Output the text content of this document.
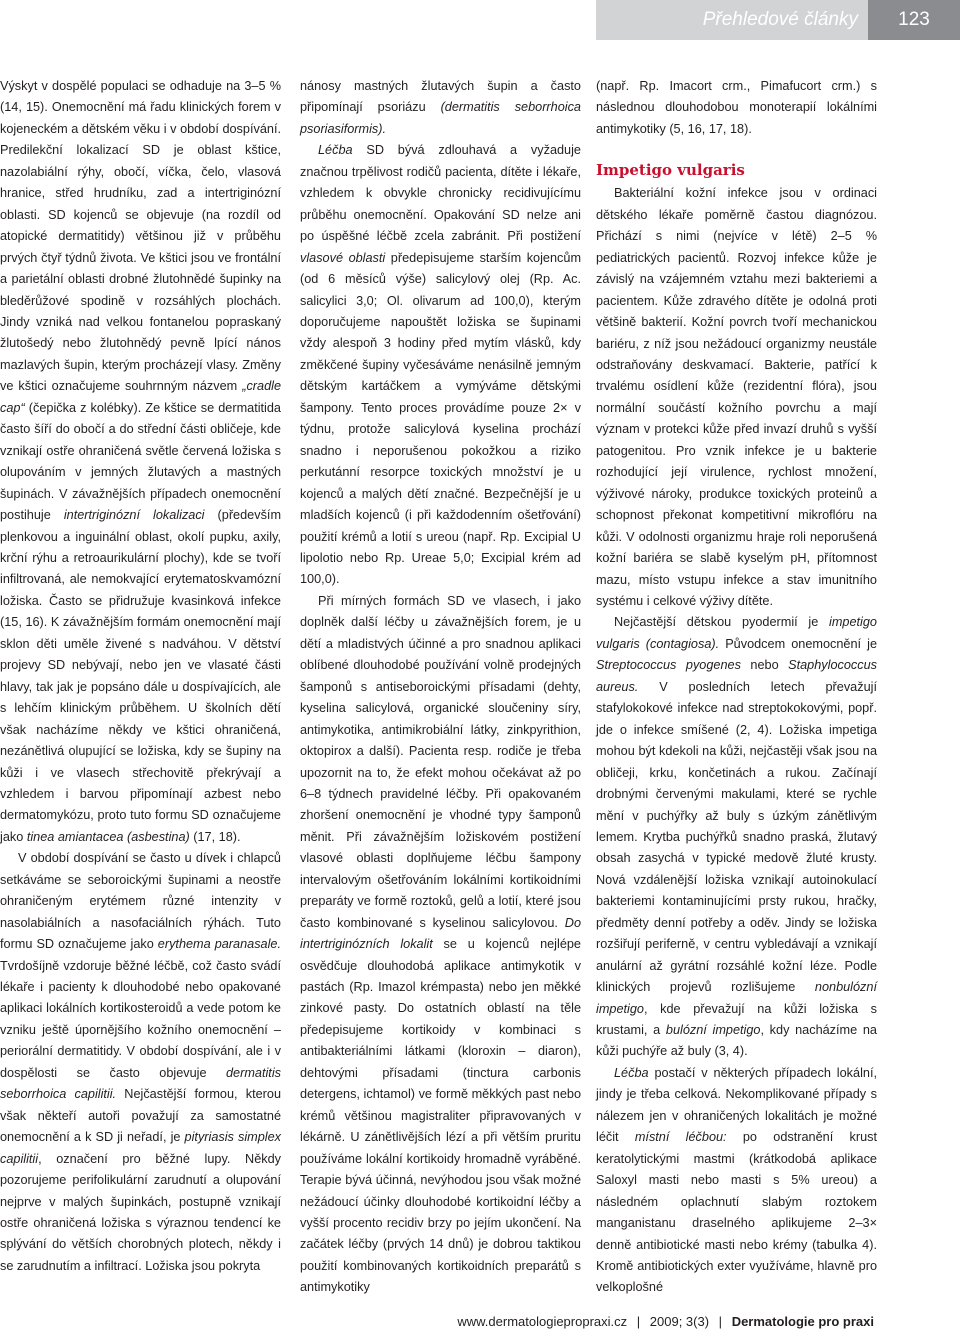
Přehledové články	123

Výskyt v dospělé populaci se odhaduje na 3–5 % (14, 15). Onemocnění má řadu klinických forem v kojeneckém a dětském věku i v období dospívání. Predilekční lokalizací SD je oblast kštice, nazolabiální rýhy, obočí, víčka, čelo, vlasová hranice, střed hrudníku, zad a intertriginózní oblasti. SD kojenců se objevuje (na rozdíl od atopické dermatitidy) většinou již v průběhu prvých čtyř týdnů života. Ve kštici jsou ve frontální a parietální oblasti drobné žlutohnědé šupinky na bleděrůžové spodině v rozsáhlých plochách. Jindy vzniká nad velkou fontanelou popraskaný žlutošedý nebo žlutohnědý pevně lpící nános mazlavých šupin, kterým procházejí vlasy. Změny ve kštici označujeme souhrnným názvem „cradle cap“ (čepička z kolébky). Ze kštice se dermatitida často šíří do obočí a do střední části obličeje, kde vznikají ostře ohraničená světle červená ložiska s olupováním v jemných žlutavých a mastných šupinách. V závažnějších případech onemocnění postihuje intertriginózní lokalizaci (především plenkovou a inguinální oblast, okolí pupku, axily, krční rýhu a retroaurikulární plochy), kde se tvoří infiltrovaná, ale nemokvající erytematoskvamózní ložiska. Často se přidružuje kvasinková infekce (15, 16). K závažnějším formám onemocnění mají sklon děti uměle živené s nadváhou. V dětství projevy SD nebývají, nebo jen ve vlasaté části hlavy, tak jak je popsáno dále u dospívajících, ale s lehčím klinickým průběhem. U školních dětí však nacházíme někdy ve kštici ohraničená, nezánětlivá olupující se ložiska, kdy se šupiny na kůži i ve vlasech střechovitě překrývají a vzhledem i barvou připomínají azbest nebo dermatomykózu, proto tuto formu SD označujeme jako tinea amiantacea (asbestina) (17, 18).

V období dospívání se často u dívek i chlapců setkáváme se seboroickými šupinami a neostře ohraničeným erytémem různé intenzity v nasolabiálních a nasofaciálních rýhách. Tuto formu SD označujeme jako erythema paranasale. Tvrdošíjně vzdoruje běžné léčbě, což často svádí lékaře i pacienty k dlouhodobé nebo opakované aplikaci lokálních kortikosteroidů a vede potom ke vzniku ještě úpornějšího kožního onemocnění – periorální dermatitidy. V období dospívání, ale i v dospělosti se často objevuje dermatitis seborrhoica capilitii. Nejčastější formou, kterou však někteří autoři považují za samostatné onemocnění a k SD ji neřadí, je pityriasis simplex capilitii, označení pro běžné lupy. Někdy pozorujeme perifolikulární zarudnutí a olupování nejprve v malých šupinkách, postupně vznikají ostře ohraničená ložiska s výraznou tendencí ke splývání do větších chorobných plotech, někdy i se zarudnutím a infiltrací. Ložiska jsou pokryta

nánosy mastných žlutavých šupin a často připomínají psoriázu (dermatitis seborrhoica psoriasiformis).

Léčba SD bývá zdlouhavá a vyžaduje značnou trpělivost rodičů pacienta, dítěte i lékaře, vzhledem k obvykle chronicky recidivujícímu průběhu onemocnění. Opakování SD nelze ani po úspěšné léčbě zcela zabránit. Při postižení vlasové oblasti předepisujeme starším kojencům (od 6 měsíců výše) salicylový olej (Rp. Ac. salicylici 3,0; Ol. olivarum ad 100,0), kterým doporučujeme napouštět ložiska se šupinami vždy alespoň 3 hodiny před mytím vlásků, kdy změkčené šupiny vyčesáváme nenásilně jemným dětským kartáčkem a vymýváme dětskými šampony. Tento proces provádíme pouze 2× v týdnu, protože salicylová kyselina prochází snadno i neporušenou pokožkou a riziko perkutánní resorpce toxických množství je u kojenců a malých dětí značné. Bezpečnější je u mladších kojenců (i při každodenním ošetřování) použití krémů a lotií s ureou (např. Rp. Excipial U lipolotio nebo Rp. Ureae 5,0; Excipial krém ad 100,0).

Při mírných formách SD ve vlasech, i jako doplněk další léčby u závažnějších forem, je u dětí a mladistvých účinné a pro snadnou aplikaci oblíbené dlouhodobé používání volně prodejných šamponů s antiseboroickými přísadami (dehty, kyselina salicylová, organické sloučeniny síry, antimykotika, antimikrobiální látky, zinkpyrithion, oktopirox a další). Pacienta resp. rodiče je třeba upozornit na to, že efekt mohou očekávat až po 6–8 týdnech pravidelné léčby. Při opakovaném zhoršení onemocnění je vhodné typy šamponů měnit. Při závažnějším ložiskovém postižení vlasové oblasti doplňujeme léčbu šampony intervalovým ošetřováním lokálními kortikoidními preparáty ve formě roztoků, gelů a lotií, které jsou často kombinované s kyselinou salicylovou. Do intertriginózních lokalit se u kojenců nejlépe osvědčuje dlouhodobá aplikace antimykotik v pastách (Rp. Imazol krémpasta) nebo jen měkké zinkové pasty. Do ostatních oblastí na těle předepisujeme kortikoidy v kombinaci s antibakteriálními látkami (kloroxin – diaron), dehtovými přísadami (tinctura carbonis detergens, ichtamol) ve formě měkkých past nebo krémů většinou magistraliter připravovaných v lékárně. U zánětlivějších lézí a při větším pruritu používáme lokální kortikoidy hromadně vyráběné. Terapie bývá účinná, nevýhodou jsou však možné nežádoucí účinky dlouhodobé kortikoidní léčby a vyšší procento recidiv brzy po jejím ukončení. Na začátek léčby (prvých 14 dnů) je dobrou taktikou použití kombinovaných kortikoidních preparátů s antimykotiky

(např. Rp. Imacort crm., Pimafucort crm.) s následnou dlouhodobou monoterapií lokálními antimykotiky (5, 16, 17, 18).

Impetigo vulgaris

Bakteriální kožní infekce jsou v ordinaci dětského lékaře poměrně častou diagnózou. Přichází s nimi (nejvíce v létě) 2–5 % pediatrických pacientů. Rozvoj infekce kůže je závislý na vzájemném vztahu mezi bakteriemi a pacientem. Kůže zdravého dítěte je odolná proti většině bakterií. Kožní povrch tvoří mechanickou bariéru, z níž jsou nežádoucí organizmy neustále odstraňovány deskvamací. Bakterie, patřící k trvalému osídlení kůže (rezidentní flóra), jsou normální součástí kožního povrchu a mají význam v protekci kůže před invazí druhů s vyšší patogenitou. Pro vznik infekce je u bakterie rozhodující její virulence, rychlost množení, výživové nároky, produkce toxických proteinů a schopnost překonat kompetitivní mikroflóru na kůži. V odolnosti organizmu hraje roli neporušená kožní bariéra se slabě kyselým pH, přítomnost mazu, místo vstupu infekce a stav imunitního systému i celkové výživy dítěte.

Nejčastější dětskou pyodermií je impetigo vulgaris (contagiosa). Původcem onemocnění je Streptococcus pyogenes nebo Staphylococcus aureus. V posledních letech převažují stafylokokové infekce nad streptokokovými, popř. jde o infekce smíšené (2, 4). Ložiska impetiga mohou být kdekoli na kůži, nejčastěji však jsou na obličeji, krku, končetinách a rukou. Začínají drobnými červenými makulami, které se rychle mění v puchýřky až buly s úzkým zánětlivým lemem. Krytba puchýřků snadno praská, žlutavý obsah zasychá v typické medově žluté krusty. Nová vzdálenější ložiska vznikají autoinokulací bakteriemi kontaminujícími prsty rukou, hračky, předměty denní potřeby a oděv. Jindy se ložiska rozšiřují periferně, v centru vybledávají a vznikají anulární až gyrátní rozsáhlé kožní léze. Podle klinických projevů rozlišujeme nonbulózní impetigo, kde převažují na kůži ložiska s krustami, a bulózní impetigo, kdy nacházíme na kůži puchýře až buly (3, 4).

Léčba postačí v některých případech lokální, jindy je třeba celková. Nekomplikované případy s nálezem jen v ohraničených lokalitách je možné léčit místní léčbou: po odstranění krust keratolytickými mastmi (krátkodobá aplikace Saloxyl masti nebo masti s 5% ureou) a následném oplachnutí slabým roztokem manganistanu draselného aplikujeme 2–3× denně antibiotické masti nebo krémy (tabulka 4). Kromě antibiotických exter využíváme, hlavně pro velkoplošné

www.dermatologiepropraxi.cz | 2009; 3(3) | Dermatologie pro praxi
